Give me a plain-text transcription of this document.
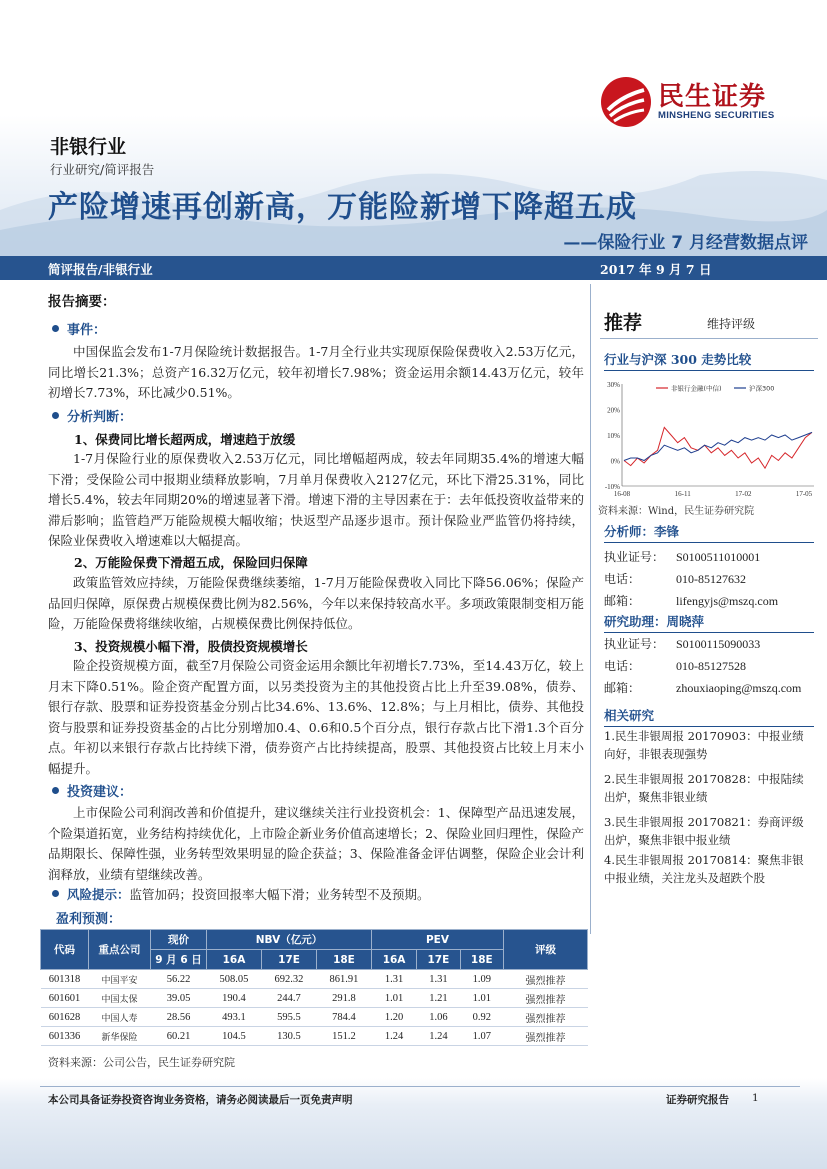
民生证券
MINSHENG SECURITIES
非银行业
行业研究/简评报告
产险增速再创新高，万能险新增下降超五成
——保险行业 7 月经营数据点评
简评报告/非银行业	2017 年 9 月 7 日
报告摘要：
事件：
中国保监会发布1-7月保险统计数据报告。1-7月全行业共实现原保险保费收入2.53万亿元，同比增长21.3%；总资产16.32万亿元，较年初增长7.98%；资金运用余额14.43万亿元，较年初增长7.73%，环比减少0.51%。
分析判断：
1、保费同比增长超两成，增速趋于放缓
1-7月保险行业的原保费收入2.53万亿元，同比增幅超两成，较去年同期35.4%的增速大幅下滑；受保险公司中报期业绩释放影响，7月单月保费收入2127亿元，环比下滑25.31%，同比增长5.4%，较去年同期20%的增速显著下滑。增速下滑的主导因素在于：去年低投资收益带来的滞后影响；监管趋严万能险规模大幅收缩；快返型产品逐步退市。预计保险业严监管仍将持续，保险业保费收入增速难以大幅提高。
2、万能险保费下滑超五成，保险回归保障
政策监管效应持续，万能险保费继续萎缩，1-7月万能险保费收入同比下降56.06%；保险产品回归保障，原保费占规模保费比例为82.56%，今年以来保持较高水平。多项政策限制变相万能险，万能险保费将继续收缩，占规模保费比例保持低位。
3、投资规模小幅下滑，股债投资规模增长
险企投资规模方面，截至7月保险公司资金运用余额比年初增长7.73%，至14.43万亿，较上月末下降0.51%。险企资产配置方面，以另类投资为主的其他投资占比上升至39.08%，债券、银行存款、股票和证券投资基金分别占比34.6%、13.6%、12.8%；与上月相比，债券、其他投资与股票和证券投资基金的占比分别增加0.4、0.6和0.5个百分点，银行存款占比下滑1.3个百分点。年初以来银行存款占比持续下滑，债券资产占比持续提高，股票、其他投资占比较上月末小幅提升。
投资建议：
上市保险公司利润改善和价值提升，建议继续关注行业投资机会：1、保障型产品迅速发展，个险渠道拓宽，业务结构持续优化，上市险企新业务价值高速增长；2、保险业回归理性，保险产品期限长、保障性强，业务转型效果明显的险企获益；3、保险准备金评估调整，保险企业会计利润释放，业绩有望继续改善。
风险提示：监管加码；投资回报率大幅下滑；业务转型不及预期。
推荐	维持评级
行业与沪深 300 走势比较
30%
20%
10%
0%
-10%
16-08	16-11	17-02	17-05
非银行金融(中信)	沪深300
资料来源：Wind，民生证券研究院
分析师：李锋
执业证号： S0100511010001
电话：	010-85127632
邮箱：	lifengyjs@mszq.com
研究助理：周晓萍
执业证号： S0100115090033
电话：	010-85127528
邮箱：	zhouxiaoping@mszq.com
相关研究
1.民生非银周报 20170903：中报业绩向好，非银表现强势
2.民生非银周报 20170828：中报陆续出炉，聚焦非银业绩
3.民生非银周报 20170821：券商评级出炉，聚焦非银中报业绩
4.民生非银周报 20170814：聚焦非银中报业绩，关注龙头及超跌个股
盈利预测：
代码	重点公司	现价	NBV（亿元）			PEV			评级
		9 月 6 日	16A	17E	18E	16A	17E	18E	
601318	中国平安	56.22	508.05	692.32	861.91	1.31	1.31	1.09	强烈推荐
601601	中国太保	39.05	190.4	244.7	291.8	1.01	1.21	1.01	强烈推荐
601628	中国人寿	28.56	493.1	595.5	784.4	1.20	1.06	0.92	强烈推荐
601336	新华保险	60.21	104.5	130.5	151.2	1.24	1.24	1.07	强烈推荐
资料来源：公司公告，民生证券研究院
本公司具备证券投资咨询业务资格，请务必阅读最后一页免责声明	证券研究报告 1
